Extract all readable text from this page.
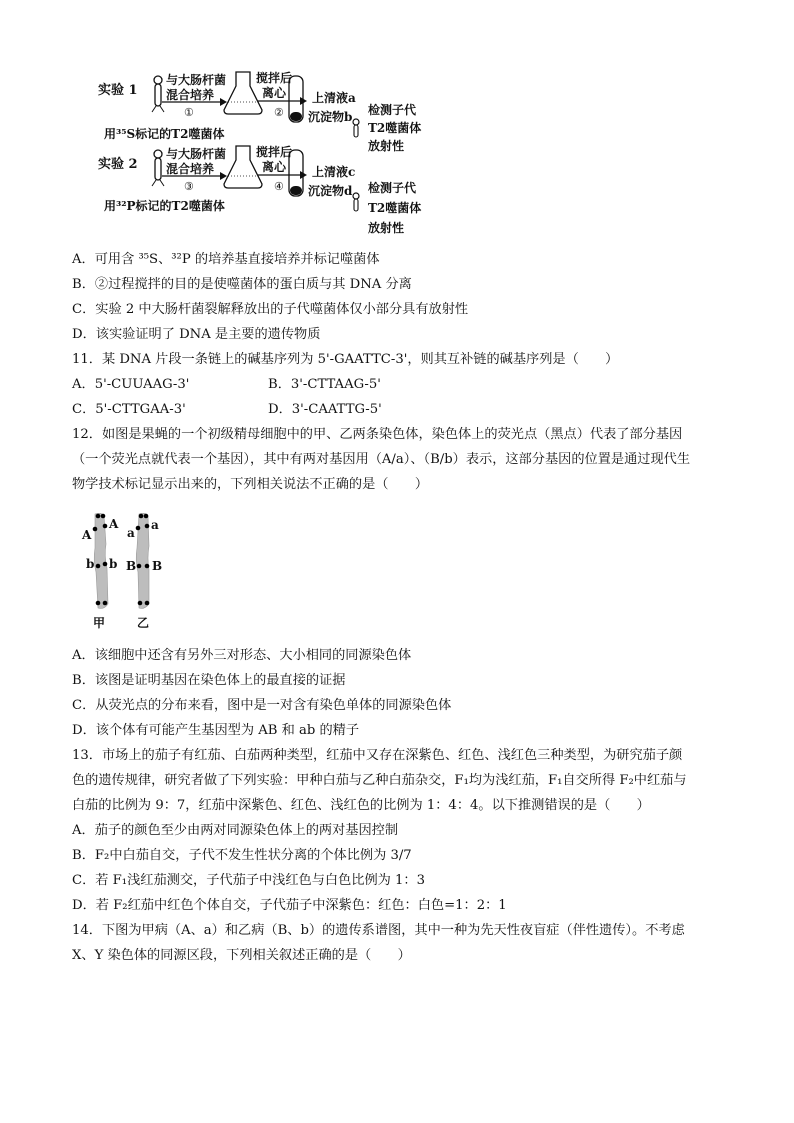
实验 1
与大肠杆菌
混合培养
①
搅拌后
离心
②
上清液a
沉淀物b 检测子代
T2噬菌体
放射性
用³⁵S标记的T2噬菌体
实验 2
与大肠杆菌
混合培养
③
搅拌后
离心
④
上清液c
沉淀物d 检测子代
T2噬菌体
放射性
用³²P标记的T2噬菌体
A．可用含 ³⁵S、³²P 的培养基直接培养并标记噬菌体
B．②过程搅拌的目的是使噬菌体的蛋白质与其 DNA 分离
C．实验 2 中大肠杆菌裂解释放出的子代噬菌体仅小部分具有放射性
D．该实验证明了 DNA 是主要的遗传物质
11．某 DNA 片段一条链上的碱基序列为 5'-GAATTC-3'，则其互补链的碱基序列是（　　）
A．5'-CUUAAG-3'	B．3'-CTTAAG-5'
C．5'-CTTGAA-3'	D．3'-CAATTG-5'
12．如图是果蝇的一个初级精母细胞中的甲、乙两条染色体，染色体上的荧光点（黑点）代表了部分基因
（一个荧光点就代表一个基因），其中有两对基因用（A/a）、（B/b）表示，这部分基因的位置是通过现代生
物学技术标记显示出来的，下列相关说法不正确的是（　　）
A
A
a
a
b b B B
甲	乙
A．该细胞中还含有另外三对形态、大小相同的同源染色体
B．该图是证明基因在染色体上的最直接的证据
C．从荧光点的分布来看，图中是一对含有染色单体的同源染色体
D．该个体有可能产生基因型为 AB 和 ab 的精子
13．市场上的茄子有红茄、白茄两种类型，红茄中又存在深紫色、红色、浅红色三种类型，为研究茄子颜
色的遗传规律，研究者做了下列实验：甲种白茄与乙种白茄杂交，F₁均为浅红茄，F₁自交所得 F₂中红茄与
白茄的比例为 9：7，红茄中深紫色、红色、浅红色的比例为 1：4：4。以下推测错误的是（　　）
A．茄子的颜色至少由两对同源染色体上的两对基因控制
B．F₂中白茄自交，子代不发生性状分离的个体比例为 3/7
C．若 F₁浅红茄测交，子代茄子中浅红色与白色比例为 1：3
D．若 F₂红茄中红色个体自交，子代茄子中深紫色：红色：白色=1：2：1
14．下图为甲病（A、a）和乙病（B、b）的遗传系谱图，其中一种为先天性夜盲症（伴性遗传）。不考虑
X、Y 染色体的同源区段，下列相关叙述正确的是（　　）
